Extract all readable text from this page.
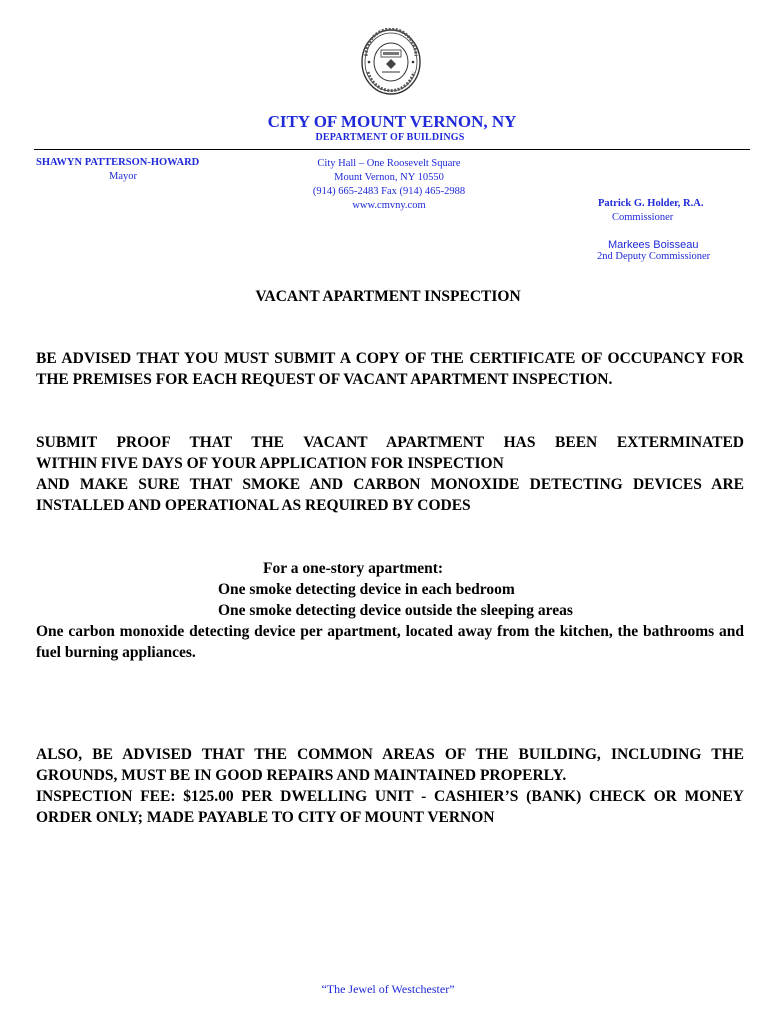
CITY OF MOUNT VERNON, NY
DEPARTMENT OF BUILDINGS
SHAWYN PATTERSON-HOWARD
Mayor
City Hall – One Roosevelt Square
Mount Vernon, NY 10550
(914) 665-2483 Fax (914) 465-2988
www.cmvny.com	Patrick G. Holder, R.A.
Commissioner
Markees Boisseau
2nd Deputy Commissioner
VACANT APARTMENT INSPECTION
BE ADVISED THAT YOU MUST SUBMIT A COPY OF THE CERTIFICATE OF OCCUPANCY FOR THE PREMISES FOR EACH REQUEST OF VACANT APARTMENT INSPECTION.
SUBMIT PROOF THAT THE VACANT APARTMENT HAS BEEN EXTERMINATED
WITHIN FIVE DAYS OF YOUR APPLICATION FOR INSPECTION
AND MAKE SURE THAT SMOKE AND CARBON MONOXIDE DETECTING DEVICES ARE INSTALLED AND OPERATIONAL AS REQUIRED BY CODES
For a one-story apartment:
One smoke detecting device in each bedroom
One smoke detecting device outside the sleeping areas
One carbon monoxide detecting device per apartment, located away from the kitchen, the bathrooms and fuel burning appliances.
ALSO, BE ADVISED THAT THE COMMON AREAS OF THE BUILDING, INCLUDING THE GROUNDS, MUST BE IN GOOD REPAIRS AND MAINTAINED PROPERLY.
INSPECTION FEE: $125.00 PER DWELLING UNIT - CASHIER’S (BANK) CHECK OR MONEY ORDER ONLY; MADE PAYABLE TO CITY OF MOUNT VERNON
“The Jewel of Westchester”
